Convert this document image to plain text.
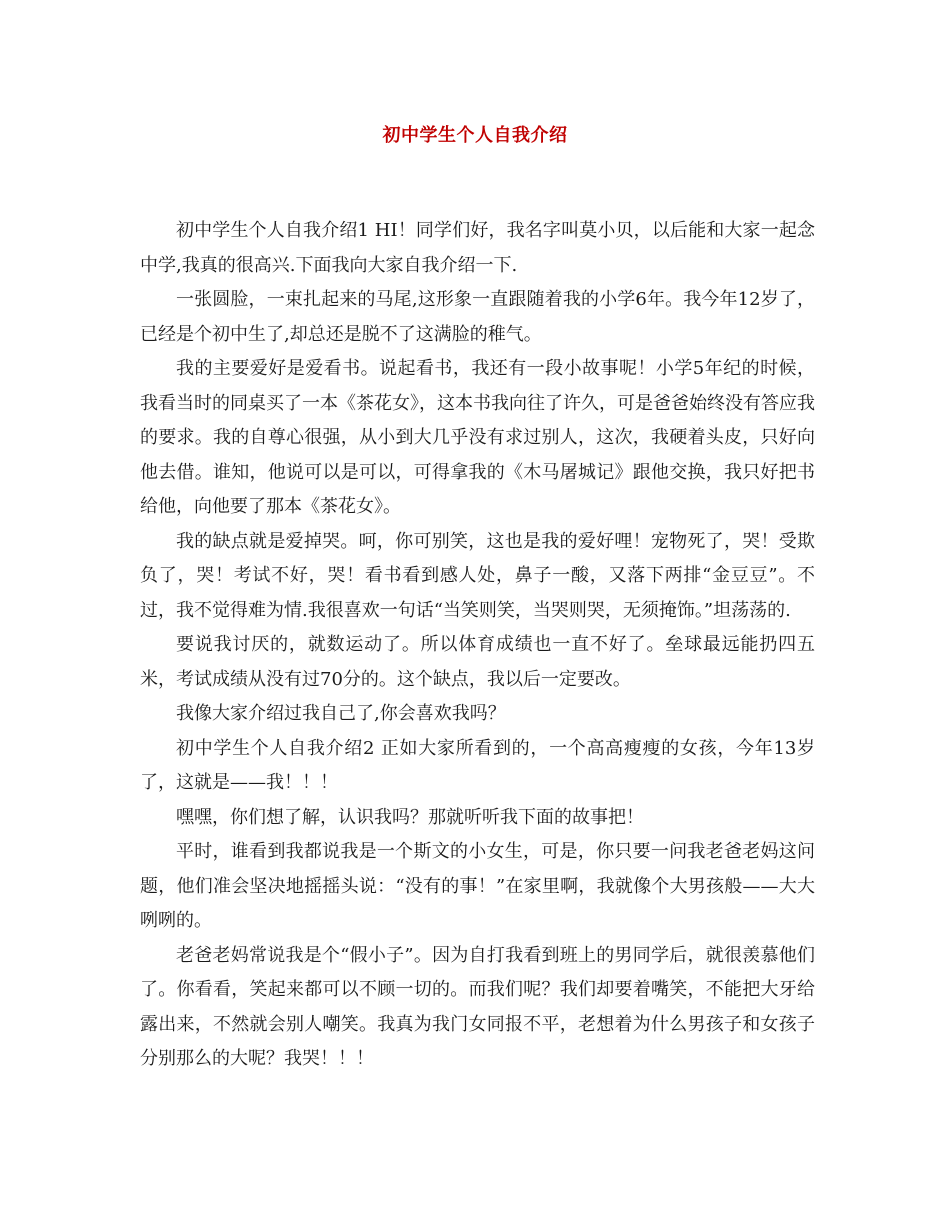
初中学生个人自我介绍

初中学生个人自我介绍1 HI！同学们好，我名字叫莫小贝，以后能和大家一起念中学,我真的很高兴.下面我向大家自我介绍一下.

一张圆脸，一束扎起来的马尾,这形象一直跟随着我的小学6年。我今年12岁了，已经是个初中生了,却总还是脱不了这满脸的稚气。

我的主要爱好是爱看书。说起看书，我还有一段小故事呢！小学5年纪的时候，我看当时的同桌买了一本《茶花女》，这本书我向往了许久，可是爸爸始终没有答应我的要求。我的自尊心很强，从小到大几乎没有求过别人，这次，我硬着头皮，只好向他去借。谁知，他说可以是可以，可得拿我的《木马屠城记》跟他交换，我只好把书给他，向他要了那本《茶花女》。

我的缺点就是爱掉哭。呵，你可别笑，这也是我的爱好哩！宠物死了，哭！受欺负了，哭！考试不好，哭！看书看到感人处，鼻子一酸，又落下两排“金豆豆”。不过，我不觉得难为情.我很喜欢一句话“当笑则笑，当哭则哭，无须掩饰。”坦荡荡的.

要说我讨厌的，就数运动了。所以体育成绩也一直不好了。垒球最远能扔四五米，考试成绩从没有过70分的。这个缺点，我以后一定要改。

我像大家介绍过我自己了,你会喜欢我吗？

初中学生个人自我介绍2 正如大家所看到的，一个高高瘦瘦的女孩，今年13岁了，这就是——我！！！

嘿嘿，你们想了解，认识我吗？那就听听我下面的故事把！

平时，谁看到我都说我是一个斯文的小女生，可是，你只要一问我老爸老妈这问题，他们准会坚决地摇摇头说：“没有的事！”在家里啊，我就像个大男孩般——大大咧咧的。

老爸老妈常说我是个“假小子”。因为自打我看到班上的男同学后，就很羡慕他们了。你看看，笑起来都可以不顾一切的。而我们呢？我们却要着嘴笑，不能把大牙给露出来，不然就会别人嘲笑。我真为我门女同报不平，老想着为什么男孩子和女孩子分别那么的大呢？我哭！！！
